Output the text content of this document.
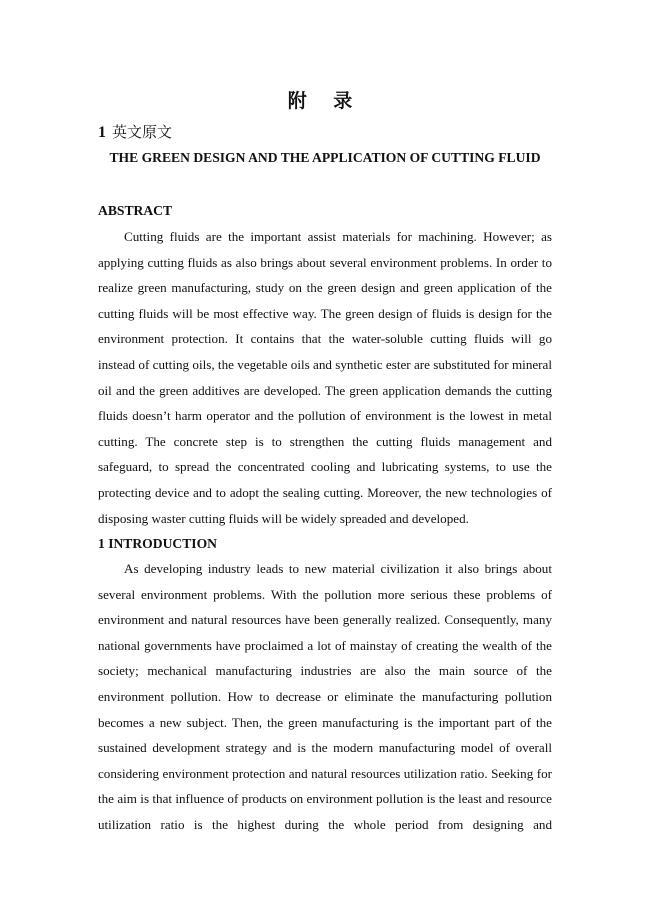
附 录
1 英文原文
THE GREEN DESIGN AND THE APPLICATION OF CUTTING FLUID
ABSTRACT
Cutting fluids are the important assist materials for machining. However; as
applying cutting fluids as also brings about several environment problems. In order to
realize green manufacturing, study on the green design and green application of the
cutting fluids will be most effective way. The green design of fluids is design for the
environment protection. It contains that the water-soluble cutting fluids will go
instead of cutting oils, the vegetable oils and synthetic ester are substituted for mineral
oil and the green additives are developed. The green application demands the cutting
fluids doesn’t harm operator and the pollution of environment is the lowest in metal
cutting. The concrete step is to strengthen the cutting fluids management and
safeguard, to spread the concentrated cooling and lubricating systems, to use the
protecting device and to adopt the sealing cutting. Moreover, the new technologies of
disposing waster cutting fluids will be widely spreaded and developed.
1 INTRODUCTION
As developing industry leads to new material civilization it also brings about
several environment problems. With the pollution more serious these problems of
environment and natural resources have been generally realized. Consequently, many
national governments have proclaimed a lot of mainstay of creating the wealth of the
society; mechanical manufacturing industries are also the main source of the
environment pollution. How to decrease or eliminate the manufacturing pollution
becomes a new subject. Then, the green manufacturing is the important part of the
sustained development strategy and is the modern manufacturing model of overall
considering environment protection and natural resources utilization ratio. Seeking for
the aim is that influence of products on environment pollution is the least and resource
utilization ratio is the highest during the whole period from designing and
